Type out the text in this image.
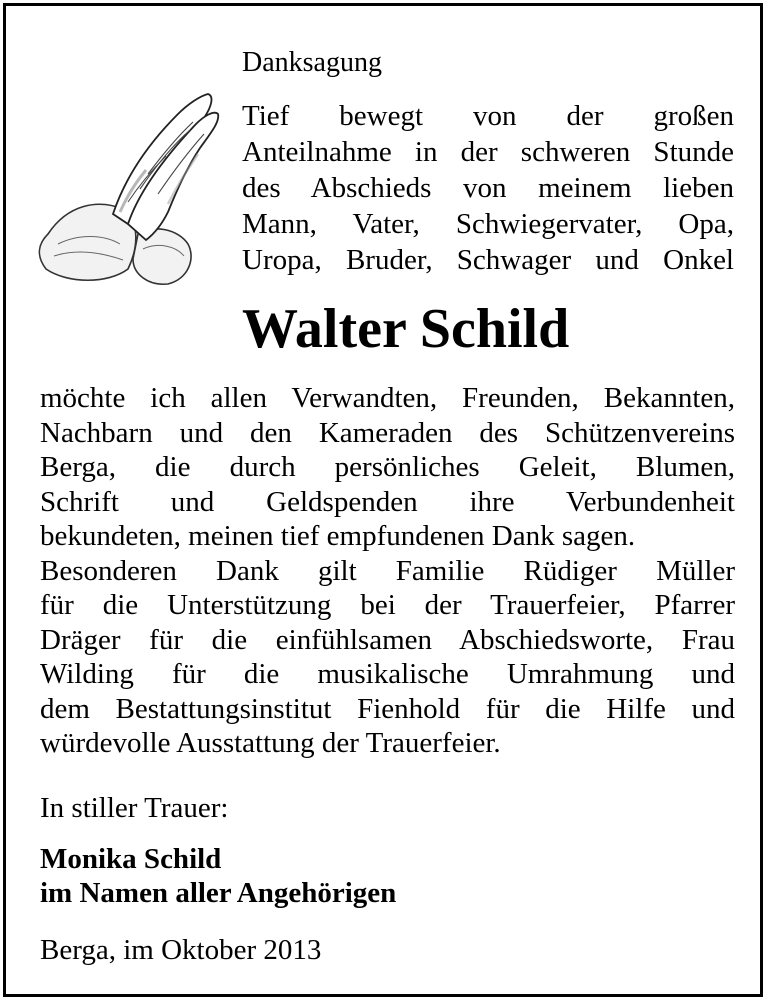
Danksagung
Tief bewegt von der großen
Anteilnahme in der schweren Stunde
des Abschieds von meinem lieben
Mann, Vater, Schwiegervater, Opa,
Uropa, Bruder, Schwager und Onkel
Walter Schild
möchte ich allen Verwandten, Freunden, Bekannten,
Nachbarn und den Kameraden des Schützenvereins
Berga, die durch persönliches Geleit, Blumen,
Schrift und Geldspenden ihre Verbundenheit
bekundeten, meinen tief empfundenen Dank sagen.
Besonderen Dank gilt Familie Rüdiger Müller
für die Unterstützung bei der Trauerfeier, Pfarrer
Dräger für die einfühlsamen Abschiedsworte, Frau
Wilding für die musikalische Umrahmung und
dem Bestattungsinstitut Fienhold für die Hilfe und
würdevolle Ausstattung der Trauerfeier.
In stiller Trauer:
Monika Schild
im Namen aller Angehörigen
Berga, im Oktober 2013
